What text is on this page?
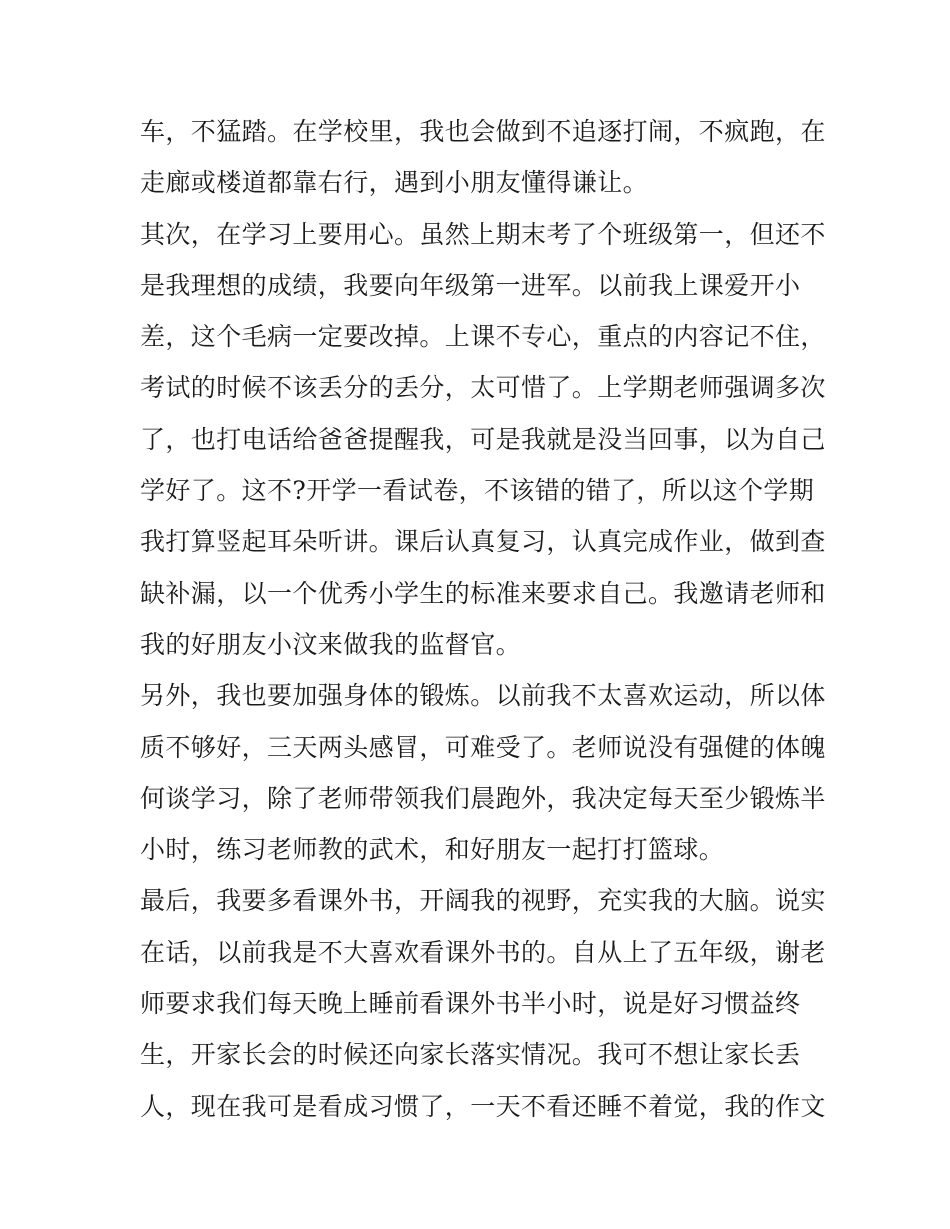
车，不猛踏。在学校里，我也会做到不追逐打闹，不疯跑，在
走廊或楼道都靠右行，遇到小朋友懂得谦让。
其次，在学习上要用心。虽然上期末考了个班级第一，但还不
是我理想的成绩，我要向年级第一进军。以前我上课爱开小
差，这个毛病一定要改掉。上课不专心，重点的内容记不住，
考试的时候不该丢分的丢分，太可惜了。上学期老师强调多次
了，也打电话给爸爸提醒我，可是我就是没当回事，以为自己
学好了。这不?开学一看试卷，不该错的错了，所以这个学期
我打算竖起耳朵听讲。课后认真复习，认真完成作业，做到查
缺补漏，以一个优秀小学生的标准来要求自己。我邀请老师和
我的好朋友小汶来做我的监督官。
另外，我也要加强身体的锻炼。以前我不太喜欢运动，所以体
质不够好，三天两头感冒，可难受了。老师说没有强健的体魄
何谈学习，除了老师带领我们晨跑外，我决定每天至少锻炼半
小时，练习老师教的武术，和好朋友一起打打篮球。
最后，我要多看课外书，开阔我的视野，充实我的大脑。说实
在话，以前我是不大喜欢看课外书的。自从上了五年级，谢老
师要求我们每天晚上睡前看课外书半小时，说是好习惯益终
生，开家长会的时候还向家长落实情况。我可不想让家长丢
人，现在我可是看成习惯了，一天不看还睡不着觉，我的作文
